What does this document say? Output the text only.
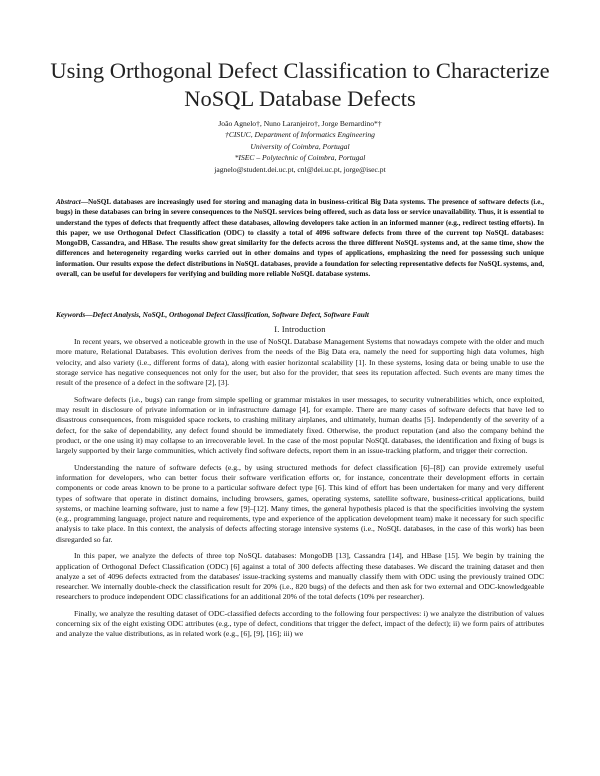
Using Orthogonal Defect Classification to Characterize NoSQL Database Defects
João Agnelo†, Nuno Laranjeiro†, Jorge Bernardino*†
†CISUC, Department of Informatics Engineering
University of Coimbra, Portugal
*ISEC – Polytechnic of Coimbra, Portugal
jagnelo@student.dei.uc.pt, cnl@dei.uc.pt, jorge@isec.pt
Abstract—NoSQL databases are increasingly used for storing and managing data in business-critical Big Data systems. The presence of software defects (i.e., bugs) in these databases can bring in severe consequences to the NoSQL services being offered, such as data loss or service unavailability. Thus, it is essential to understand the types of defects that frequently affect these databases, allowing developers take action in an informed manner (e.g., redirect testing efforts). In this paper, we use Orthogonal Defect Classification (ODC) to classify a total of 4096 software defects from three of the current top NoSQL databases: MongoDB, Cassandra, and HBase. The results show great similarity for the defects across the three different NoSQL systems and, at the same time, show the differences and heterogeneity regarding works carried out in other domains and types of applications, emphasizing the need for possessing such unique information. Our results expose the defect distributions in NoSQL databases, provide a foundation for selecting representative defects for NoSQL systems, and, overall, can be useful for developers for verifying and building more reliable NoSQL database systems.
Keywords—Defect Analysis, NoSQL, Orthogonal Defect Classification, Software Defect, Software Fault
I. Introduction

In recent years, we observed a noticeable growth in the use of NoSQL Database Management Systems that nowadays compete with the older and much more mature, Relational Databases. This evolution derives from the needs of the Big Data era, namely the need for supporting high data volumes, high velocity, and also variety (i.e., different forms of data), along with easier horizontal scalability [1]. In these systems, losing data or being unable to use the storage service has negative consequences not only for the user, but also for the provider, that sees its reputation affected. Such events are many times the result of the presence of a defect in the software [2], [3].

Software defects (i.e., bugs) can range from simple spelling or grammar mistakes in user messages, to security vulnerabilities which, once exploited, may result in disclosure of private information or in infrastructure damage [4], for example. There are many cases of software defects that have led to disastrous consequences, from misguided space rockets, to crashing military airplanes, and ultimately, human deaths [5]. Independently of the severity of a defect, for the sake of dependability, any defect found should be immediately fixed. Otherwise, the product reputation (and also the company behind the product, or the one using it) may collapse to an irrecoverable level. In the case of the most popular NoSQL databases, the identification and fixing of bugs is largely supported by their large communities, which actively find software defects, report them in an issue-tracking platform, and trigger their correction.

Understanding the nature of software defects (e.g., by using structured methods for defect classification [6]–[8]) can provide extremely useful information for developers, who can better focus their software verification efforts or, for instance, concentrate their development efforts in certain components or code areas known to be prone to a particular software defect type [6]. This kind of effort has been undertaken for many and very different types of software that operate in distinct domains, including browsers, games, operating systems, satellite software, business-critical applications, build systems, or machine learning software, just to name a few [9]–[12]. Many times, the general hypothesis placed is that the specificities involving the system (e.g., programming language, project nature and requirements, type and experience of the application development team) make it necessary for such specific analysis to take place. In this context, the analysis of defects affecting storage intensive systems (i.e., NoSQL databases, in the case of this work) has been disregarded so far.

In this paper, we analyze the defects of three top NoSQL databases: MongoDB [13], Cassandra [14], and HBase [15]. We begin by training the application of Orthogonal Defect Classification (ODC) [6] against a total of 300 defects affecting these databases. We discard the training dataset and then analyze a set of 4096 defects extracted from the databases' issue-tracking systems and manually classify them with ODC using the previously trained ODC researcher. We internally double-check the classification result for 20% (i.e., 820 bugs) of the defects and then ask for two external and ODC-knowledgeable researchers to produce independent ODC classifications for an additional 20% of the total defects (10% per researcher).

Finally, we analyze the resulting dataset of ODC-classified defects according to the following four perspectives: i) we analyze the distribution of values concerning six of the eight existing ODC attributes (e.g., type of defect, conditions that trigger the defect, impact of the defect); ii) we form pairs of attributes and analyze the value distributions, as in related work (e.g., [6], [9], [16]; iii) we
